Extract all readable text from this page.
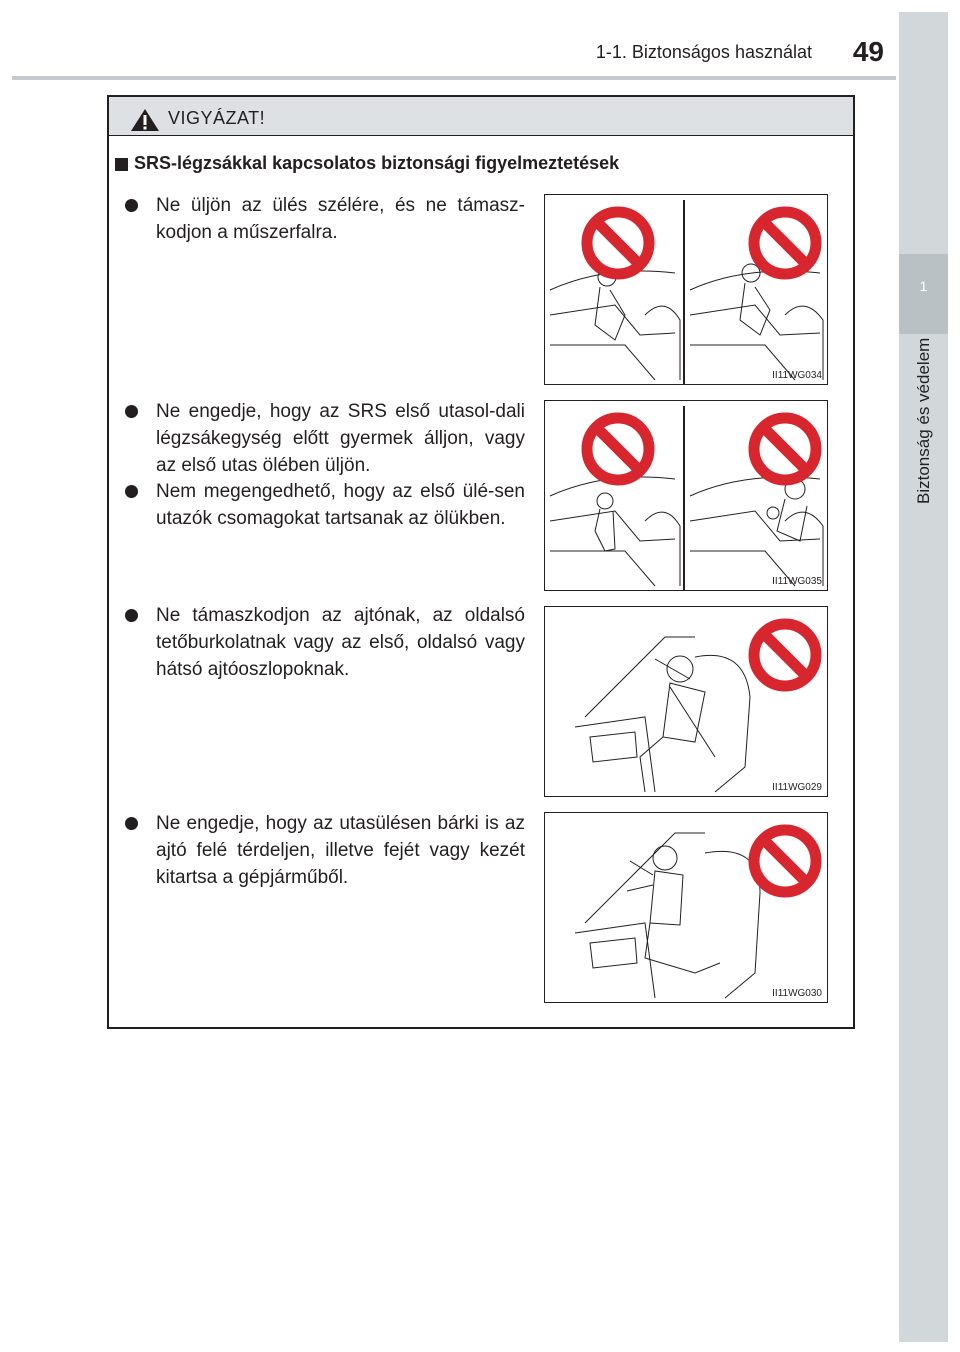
1-1. Biztonságos használat	49
1
Biztonság és védelem
VIGYÁZAT!
SRS-légzsákkal kapcsolatos biztonsági figyelmeztetések
Ne üljön az ülés szélére, és ne támasz-kodjon a műszerfalra.
Ne engedje, hogy az SRS első utasol-dali légzsákegység előtt gyermek álljon, vagy az első utas ölében üljön.
Nem megengedhető, hogy az első ülé-sen utazók csomagokat tartsanak az ölükben.
Ne támaszkodjon az ajtónak, az oldalsó tetőburkolatnak vagy az első, oldalsó vagy hátsó ajtóoszlopoknak.
Ne engedje, hogy az utasülésen bárki is az ajtó felé térdeljen, illetve fejét vagy kezét kitartsa a gépjárműből.
II11WG034
II11WG035
II11WG029
II11WG030
